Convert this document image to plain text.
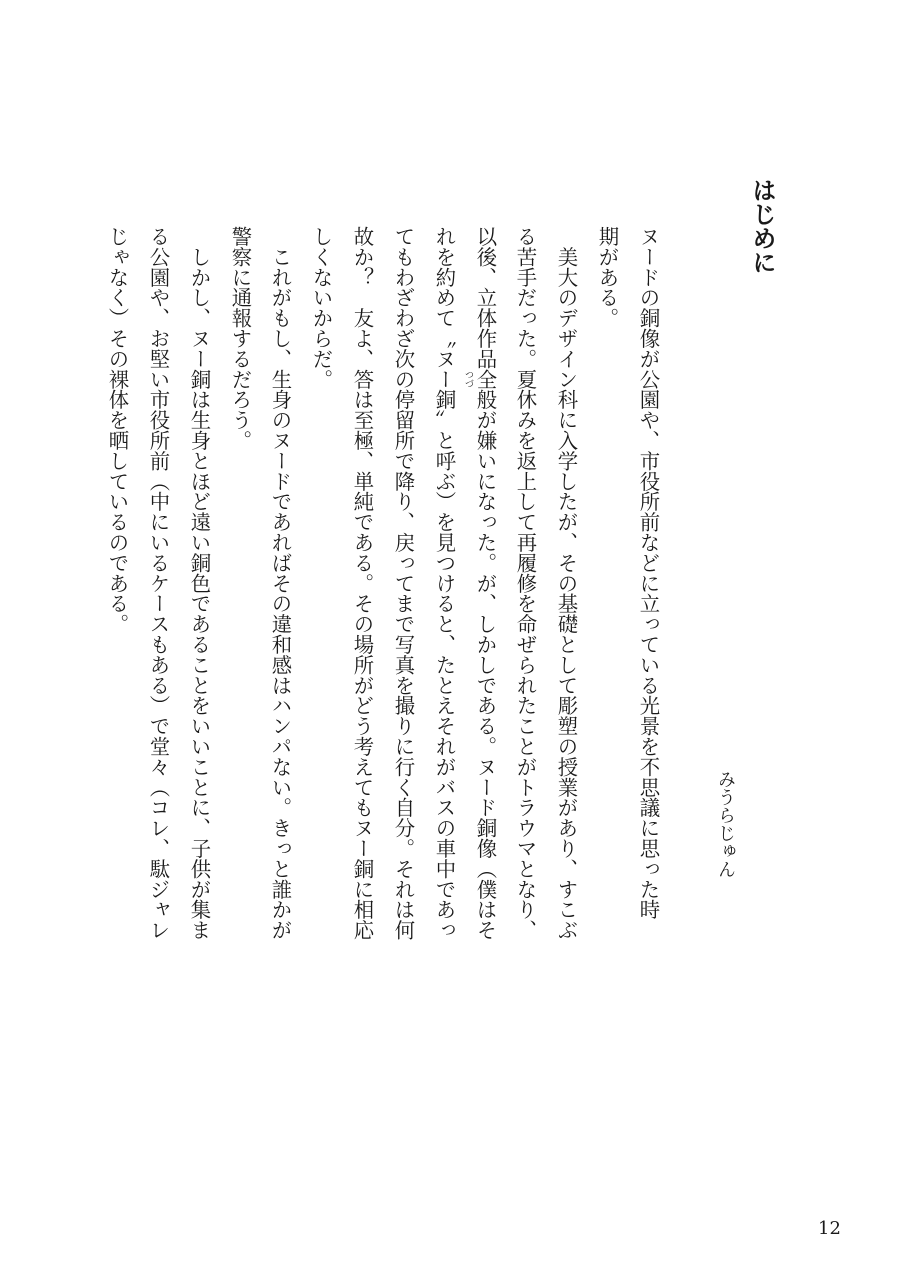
はじめに
みうらじゅん
ヌードの銅像が公園や、市役所前などに立っている光景を不思議に思った時
期がある。
　美大のデザイン科に入学したが、その基礎として彫塑の授業があり、すこぶ
る苦手だった。夏休みを返上して再履修を命ぜられたことがトラウマとなり、
以後、立体作品全般が嫌いになった。が、しかしである。ヌード銅像（僕はそ
れを約めて〝ヌー銅〟と呼ぶ）を見つけると、たとえそれがバスの車中であっ
てもわざわざ次の停留所で降り、戻ってまで写真を撮りに行く自分。それは何
故か？　友よ、答は至極、単純である。その場所がどう考えてもヌー銅に相応
しくないからだ。
　これがもし、生身のヌードであればその違和感はハンパない。きっと誰かが
警察に通報するだろう。
　しかし、ヌー銅は生身とほど遠い銅色であることをいいことに、子供が集ま
る公園や、お堅い市役所前（中にいるケースもある）で堂々（コレ、駄ジャレ
じゃなく）その裸体を晒しているのである。	つづ
12
